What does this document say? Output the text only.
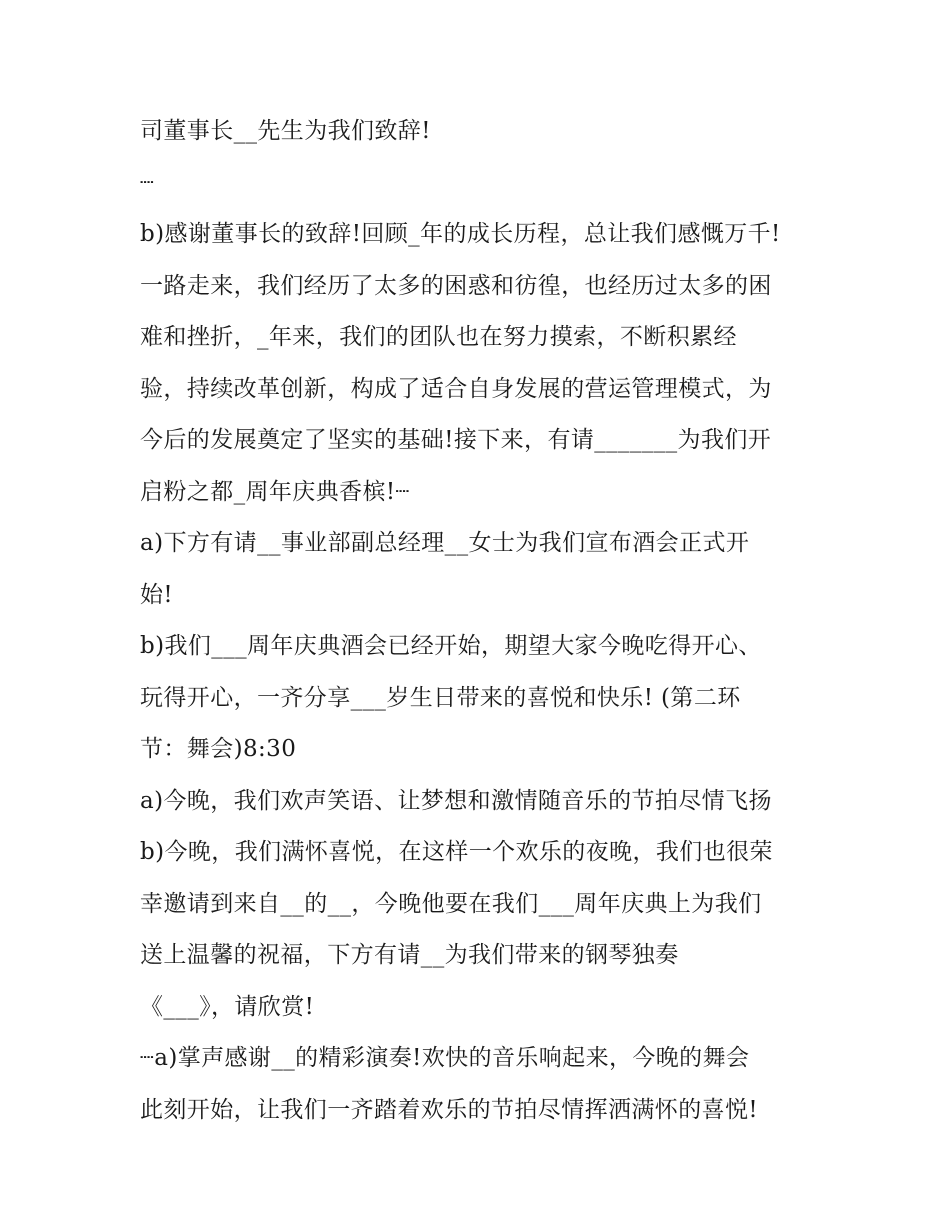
司董事长__先生为我们致辞!
┈
b)感谢董事长的致辞!回顾_年的成长历程，总让我们感慨万千!
一路走来，我们经历了太多的困惑和彷徨，也经历过太多的困
难和挫折，_年来，我们的团队也在努力摸索，不断积累经
验，持续改革创新，构成了适合自身发展的营运管理模式，为
今后的发展奠定了坚实的基础!接下来，有请_______为我们开
启粉之都_周年庆典香槟!┈
a)下方有请__事业部副总经理__女士为我们宣布酒会正式开
始!
b)我们___周年庆典酒会已经开始，期望大家今晚吃得开心、
玩得开心，一齐分享___岁生日带来的喜悦和快乐! (第二环
节：舞会)8:30
a)今晚，我们欢声笑语、让梦想和激情随音乐的节拍尽情飞扬
b)今晚，我们满怀喜悦，在这样一个欢乐的夜晚，我们也很荣
幸邀请到来自__的__，今晚他要在我们___周年庆典上为我们
送上温馨的祝福，下方有请__为我们带来的钢琴独奏
《___》，请欣赏!
┈a)掌声感谢__的精彩演奏!欢快的音乐响起来，今晚的舞会
此刻开始，让我们一齐踏着欢乐的节拍尽情挥洒满怀的喜悦!
